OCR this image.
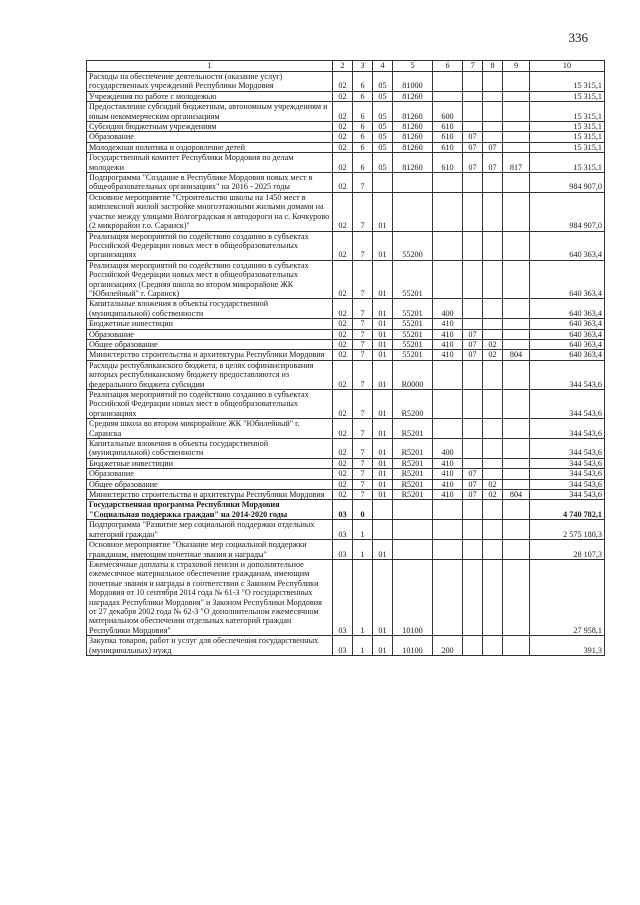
336
1	2	3	4	5	6	7	8	9	10
Расходы на обеспечение деятельности (оказание услуг) государственных учреждений Республики Мордовия	02	6	05	81000					15 315,1
Учреждения по работе с молодежью	02	6	05	81260					15 315,1
Предоставление субсидий бюджетным, автономным учреждениям и иным некоммерческим организациям	02	6	05	81260	600				15 315,1
Субсидии бюджетным учреждениям	02	6	05	81260	610				15 315,1
Образование	02	6	05	81260	610	07			15 315,1
Молодежная политика и оздоровление детей	02	6	05	81260	610	07	07		15 315,1
Государственный комитет Республики Мордовия по делам молодежи	02	6	05	81260	610	07	07	817	15 315,1
Подпрограмма "Создание в Республике Мордовия новых мест в общеобразовательных организациях" на 2016 - 2025 годы	02	7							984 907,0
Основное мероприятие "Строительство школы на 1450 мест в комплексной жилой застройке многоэтажными жилыми домами на участке между улицами Волгоградская и автодороги на с. Кочкурово (2 микрорайон г.о. Саранск)"	02	7	01						984 907,0
Реализация мероприятий по содействию созданию в субъектах Российской Федерации новых мест в общеобразовательных организациях	02	7	01	55200					640 363,4
Реализация мероприятий по содействию созданию в субъектах Российской Федерации новых мест в общеобразовательных организациях (Средняя школа во втором микрорайоне ЖК "Юбилейный" г. Саранск)	02	7	01	55201					640 363,4
Капитальные вложения в объекты государственной (муниципальной) собственности	02	7	01	55201	400				640 363,4
Бюджетные инвестиции	02	7	01	55201	410				640 363,4
Образование	02	7	01	55201	410	07			640 363,4
Общее образование	02	7	01	55201	410	07	02		640 363,4
Министерство строительства и архитектуры Республики Мордовия	02	7	01	55201	410	07	02	804	640 363,4
Расходы республиканского бюджета, в целях софинансирования которых республиканскому бюджету предоставляются из федерального бюджета субсидии	02	7	01	R0000					344 543,6
Реализация мероприятий по содействию созданию в субъектах Российской Федерации новых мест в общеобразовательных организациях	02	7	01	R5200					344 543,6
Средняя школа во втором микрорайоне ЖК "Юбилейный" г. Саранска	02	7	01	R5201					344 543,6
Капитальные вложения в объекты государственной (муниципальной) собственности	02	7	01	R5201	400				344 543,6
Бюджетные инвестиции	02	7	01	R5201	410				344 543,6
Образование	02	7	01	R5201	410	07			344 543,6
Общее образование	02	7	01	R5201	410	07	02		344 543,6
Министерство строительства и архитектуры Республики Мордовия	02	7	01	R5201	410	07	02	804	344 543,6
Государственная программа Республики Мордовия "Социальная поддержка граждан" на 2014-2020 годы	03	0							4 740 782,1
Подпрограмма "Развитие мер социальной поддержки отдельных категорий граждан"	03	1							2 575 180,3
Основное мероприятие "Оказание мер социальной поддержки гражданам, имеющим почетные звания и награды"	03	1	01						28 107,3
Ежемесячные доплаты к страховой пенсии и дополнительное ежемесячное материальное обеспечение гражданам, имеющим почетные звания и награды в соответствии с Законом Республики Мордовия от 10 сентября 2014 года № 61-З "О государственных наградах Республики Мордовия" и Законом Республики Мордовия от 27 декабря 2002 года № 62-З "О дополнительном ежемесячном материальном обеспечении отдельных категорий граждан Республики Мордовия"	03	1	01	10100					27 958,1
Закупка товаров, работ и услуг для обеспечения государственных (муниципальных) нужд	03	1	01	10100	200				391,3
